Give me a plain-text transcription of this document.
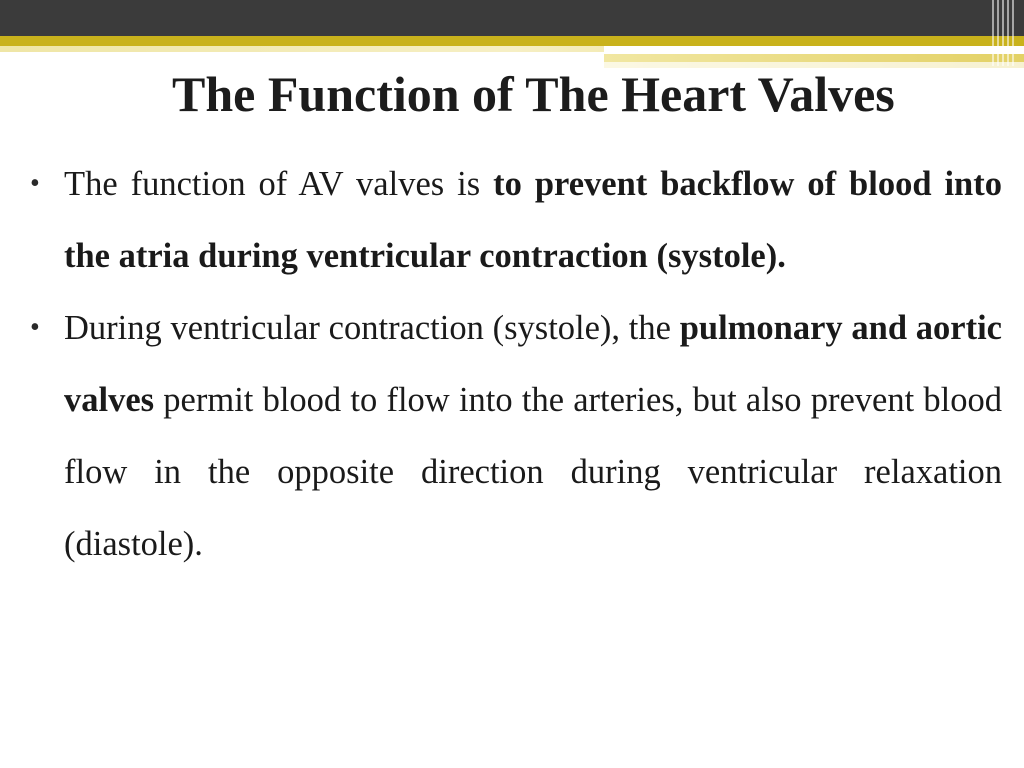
The Function of The Heart Valves
• The function of AV valves is to prevent backflow of blood into the atria during ventricular contraction (systole).
• During ventricular contraction (systole), the pulmonary and aortic valves permit blood to flow into the arteries, but also prevent blood flow in the opposite direction during ventricular relaxation (diastole).
